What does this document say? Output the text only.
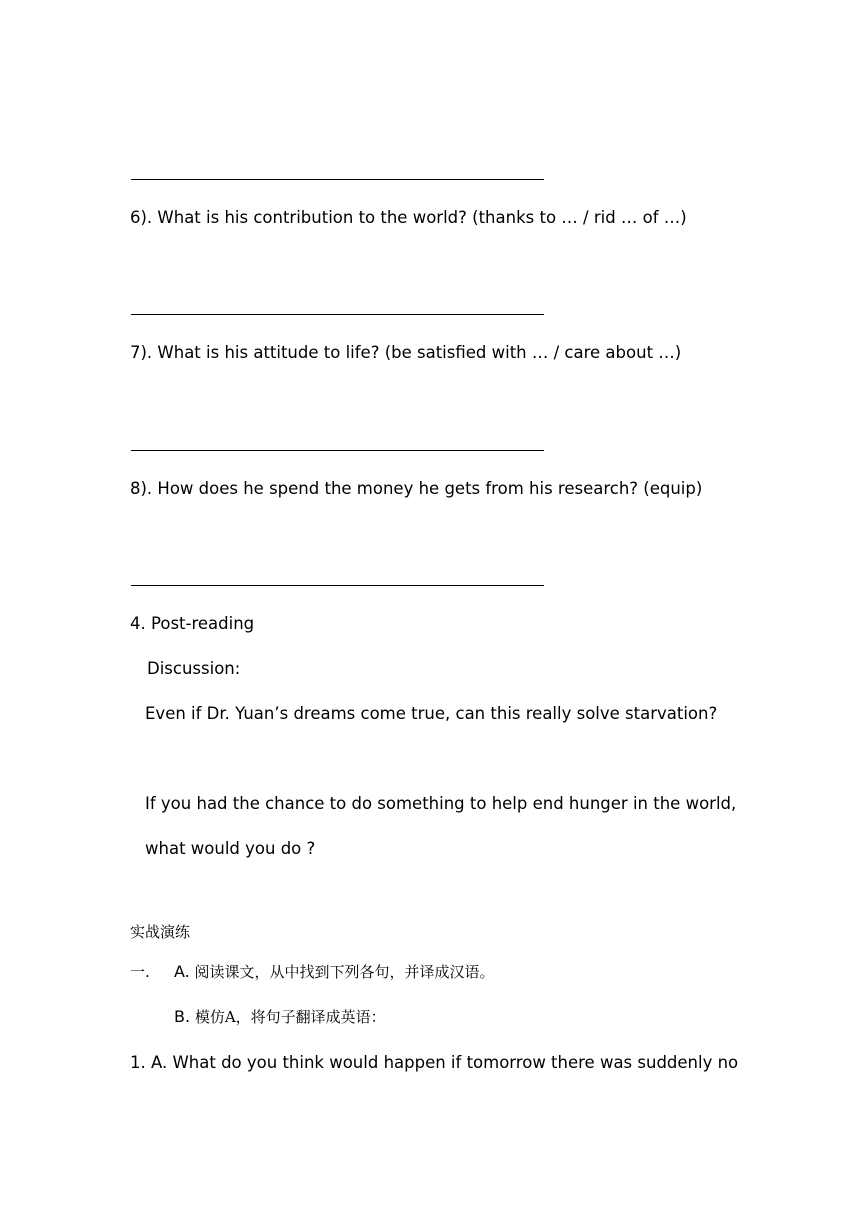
6). What is his contribution to the world? (thanks to … / rid … of …)
7). What is his attitude to life? (be satisfied with … / care about …)
8). How does he spend the money he gets from his research? (equip)
4. Post-reading
Discussion:
Even if Dr. Yuan’s dreams come true, can this really solve starvation?
If you had the chance to do something to help end hunger in the world,
what would you do ?
实战演练
一. A. 阅读课文，从中找到下列各句，并译成汉语。
B. 模仿A，将句子翻译成英语：
1. A. What do you think would happen if tomorrow there was suddenly no
